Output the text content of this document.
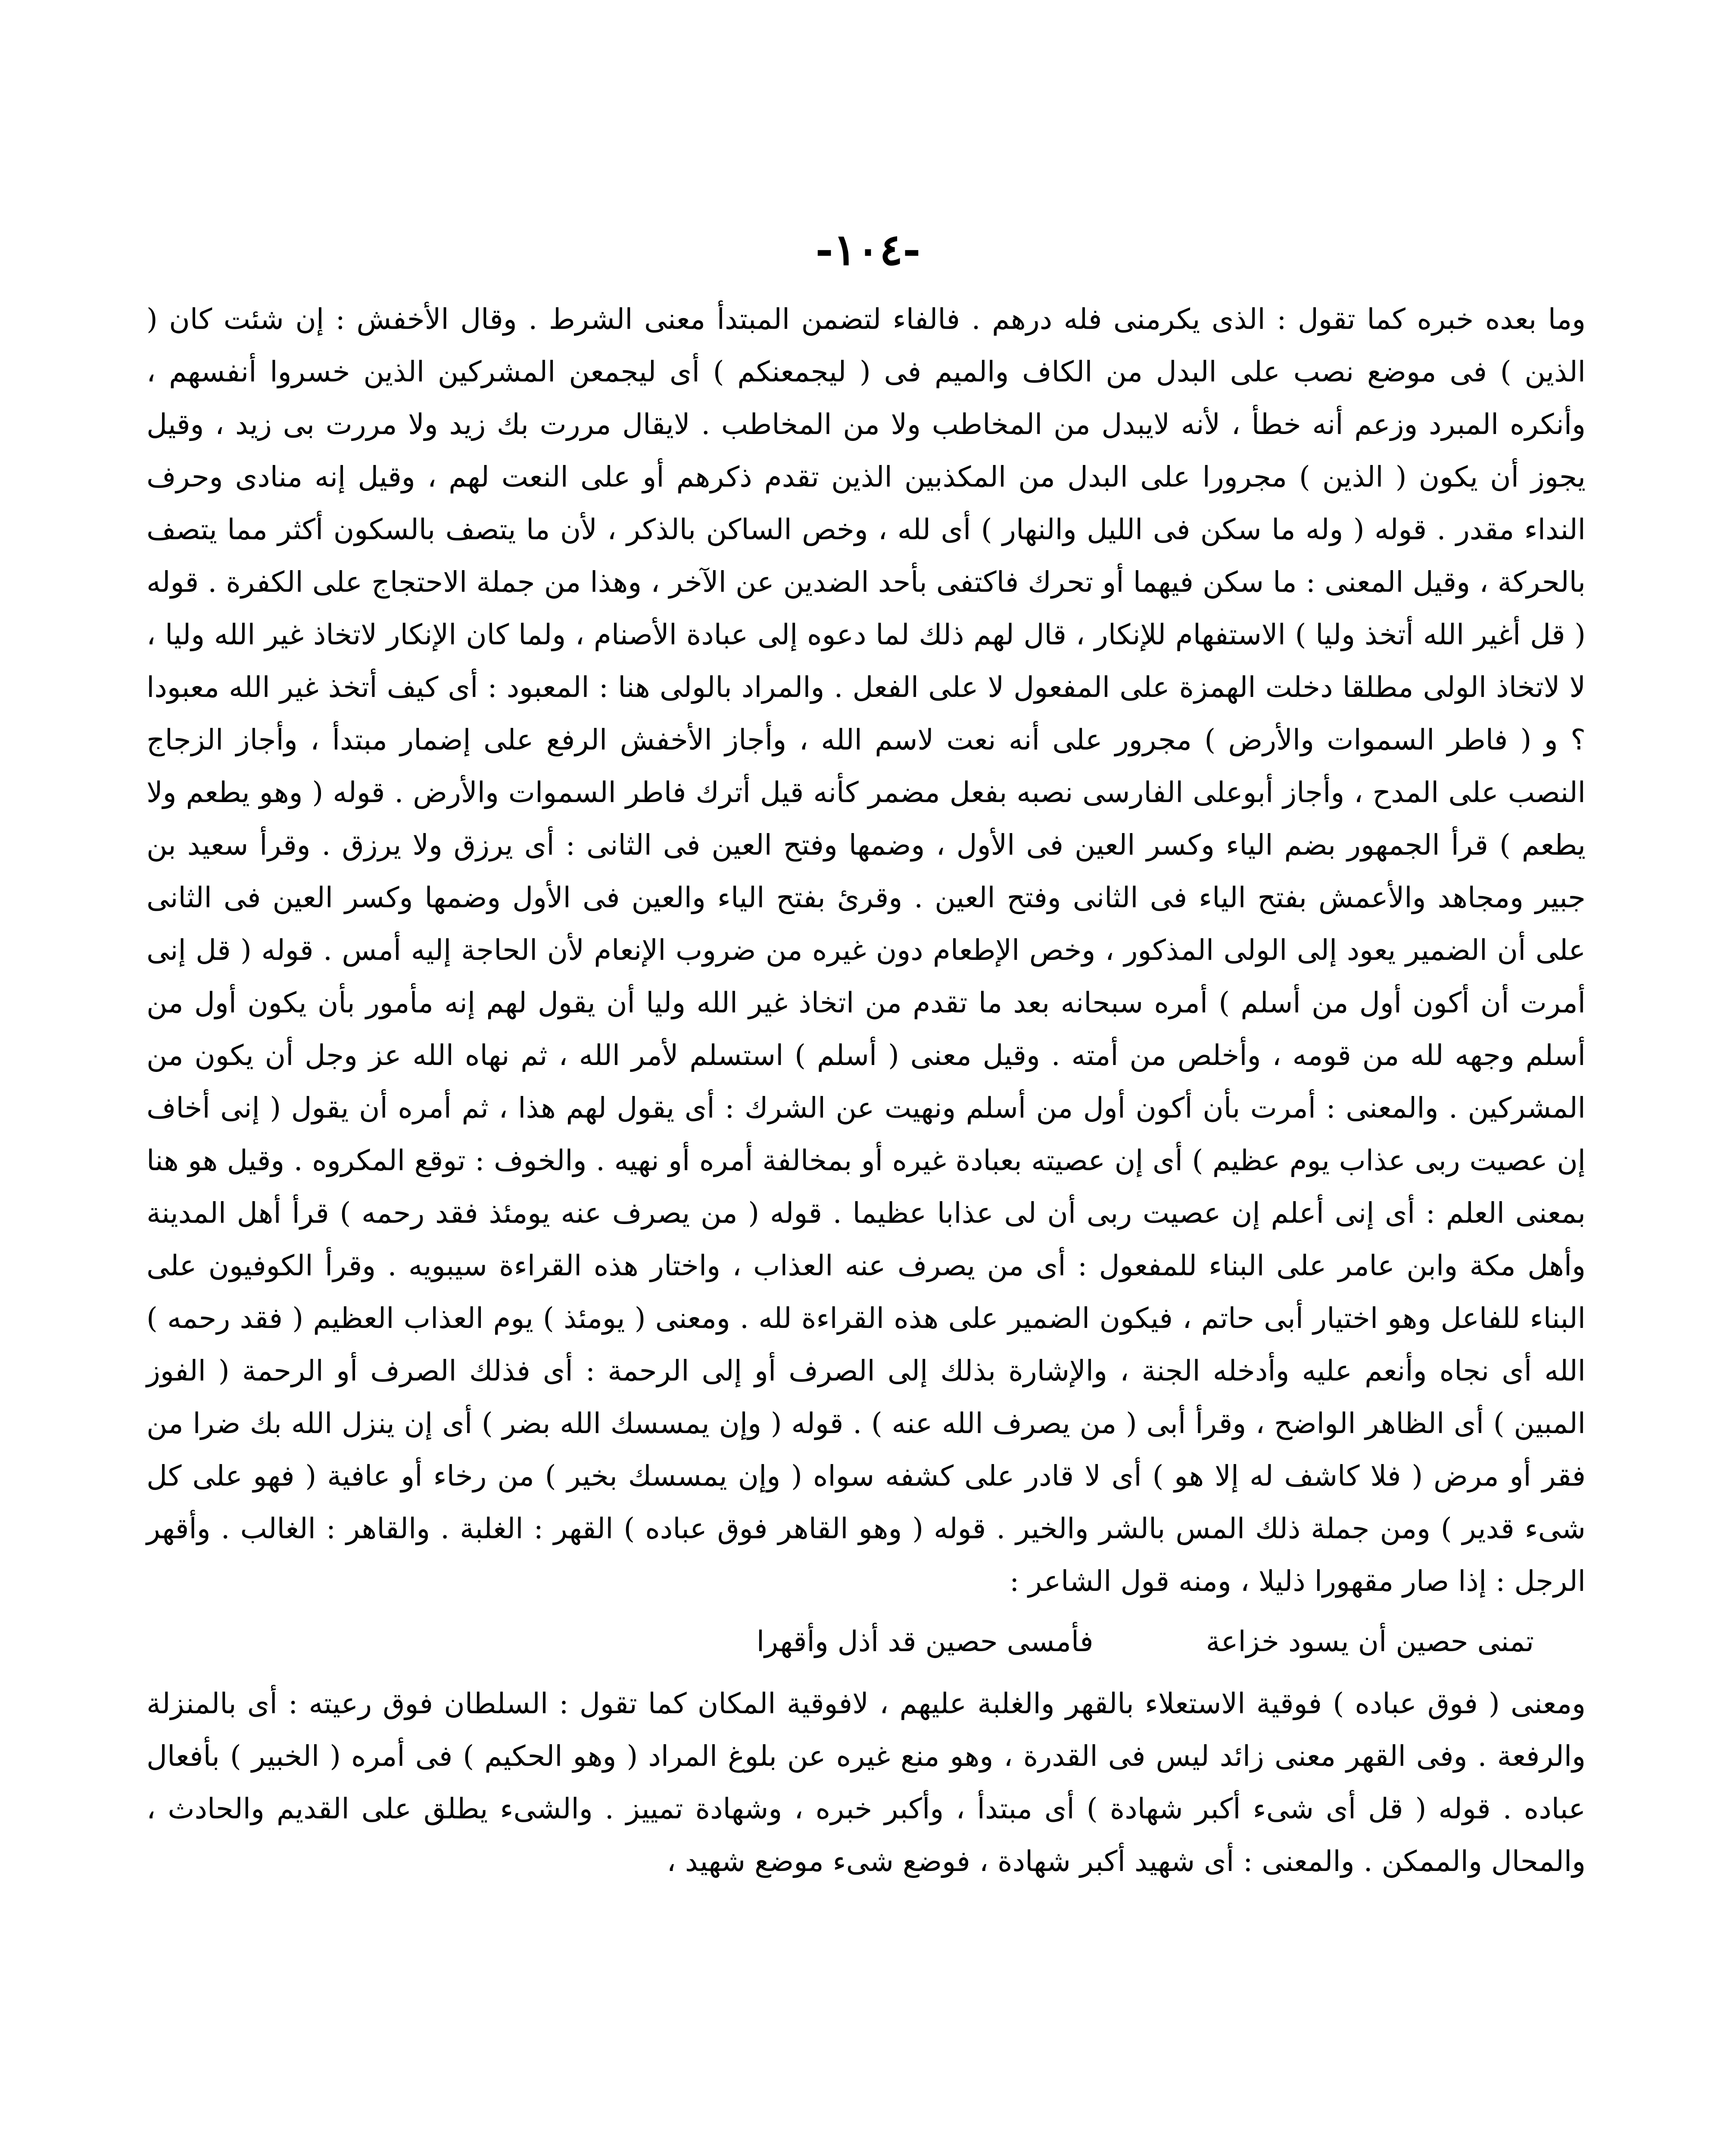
-١٠٤-

وما بعده خبره كما تقول : الذى يكرمنى فله درهم . فالفاء لتضمن المبتدأ معنى الشرط . وقال الأخفش : إن شئت كان ( الذين ) فى موضع نصب على البدل من الكاف والميم فى ( ليجمعنكم ) أى ليجمعن المشركين الذين خسروا أنفسهم ، وأنكره المبرد وزعم أنه خطأ ، لأنه لايبدل من المخاطب ولا من المخاطب . لايقال مررت بك زيد ولا مررت بى زيد ، وقيل يجوز أن يكون ( الذين ) مجرورا على البدل من المكذبين الذين تقدم ذكرهم أو على النعت لهم ، وقيل إنه منادى وحرف النداء مقدر . قوله ( وله ما سكن فى الليل والنهار ) أى لله ، وخص الساكن بالذكر ، لأن ما يتصف بالسكون أكثر مما يتصف بالحركة ، وقيل المعنى : ما سكن فيهما أو تحرك فاكتفى بأحد الضدين عن الآخر ، وهذا من جملة الاحتجاج على الكفرة . قوله ( قل أغير الله أتخذ وليا ) الاستفهام للإنكار ، قال لهم ذلك لما دعوه إلى عبادة الأصنام ، ولما كان الإنكار لاتخاذ غير الله وليا ، لا لاتخاذ الولى مطلقا دخلت الهمزة على المفعول لا على الفعل . والمراد بالولى هنا : المعبود : أى كيف أتخذ غير الله معبودا ؟ و ( فاطر السموات والأرض ) مجرور على أنه نعت لاسم الله ، وأجاز الأخفش الرفع على إضمار مبتدأ ، وأجاز الزجاج النصب على المدح ، وأجاز أبوعلى الفارسى نصبه بفعل مضمر كأنه قيل أترك فاطر السموات والأرض . قوله ( وهو يطعم ولا يطعم ) قرأ الجمهور بضم الياء وكسر العين فى الأول ، وضمها وفتح العين فى الثانى : أى يرزق ولا يرزق . وقرأ سعيد بن جبير ومجاهد والأعمش بفتح الياء فى الثانى وفتح العين . وقرئ بفتح الياء والعين فى الأول وضمها وكسر العين فى الثانى على أن الضمير يعود إلى الولى المذكور ، وخص الإطعام دون غيره من ضروب الإنعام لأن الحاجة إليه أمس . قوله ( قل إنى أمرت أن أكون أول من أسلم ) أمره سبحانه بعد ما تقدم من اتخاذ غير الله وليا أن يقول لهم إنه مأمور بأن يكون أول من أسلم وجهه لله من قومه ، وأخلص من أمته . وقيل معنى ( أسلم ) استسلم لأمر الله ، ثم نهاه الله عز وجل أن يكون من المشركين . والمعنى : أمرت بأن أكون أول من أسلم ونهيت عن الشرك : أى يقول لهم هذا ، ثم أمره أن يقول ( إنى أخاف إن عصيت ربى عذاب يوم عظيم ) أى إن عصيته بعبادة غيره أو بمخالفة أمره أو نهيه . والخوف : توقع المكروه . وقيل هو هنا بمعنى العلم : أى إنى أعلم إن عصيت ربى أن لى عذابا عظيما . قوله ( من يصرف عنه يومئذ فقد رحمه ) قرأ أهل المدينة وأهل مكة وابن عامر على البناء للمفعول : أى من يصرف عنه العذاب ، واختار هذه القراءة سيبويه . وقرأ الكوفيون على البناء للفاعل وهو اختيار أبى حاتم ، فيكون الضمير على هذه القراءة لله . ومعنى ( يومئذ ) يوم العذاب العظيم ( فقد رحمه ) الله أى نجاه وأنعم عليه وأدخله الجنة ، والإشارة بذلك إلى الصرف أو إلى الرحمة : أى فذلك الصرف أو الرحمة ( الفوز المبين ) أى الظاهر الواضح ، وقرأ أبى ( من يصرف الله عنه ) . قوله ( وإن يمسسك الله بضر ) أى إن ينزل الله بك ضرا من فقر أو مرض ( فلا كاشف له إلا هو ) أى لا قادر على كشفه سواه ( وإن يمسسك بخير ) من رخاء أو عافية ( فهو على كل شىء قدير ) ومن جملة ذلك المس بالشر والخير . قوله ( وهو القاهر فوق عباده ) القهر : الغلبة . والقاهر : الغالب . وأقهر الرجل : إذا صار مقهورا ذليلا ، ومنه قول الشاعر :

تمنى حصين أن يسود خزاعة فأمسى حصين قد أذل وأقهرا

ومعنى ( فوق عباده ) فوقية الاستعلاء بالقهر والغلبة عليهم ، لافوقية المكان كما تقول : السلطان فوق رعيته : أى بالمنزلة والرفعة . وفى القهر معنى زائد ليس فى القدرة ، وهو منع غيره عن بلوغ المراد ( وهو الحكيم ) فى أمره ( الخبير ) بأفعال عباده . قوله ( قل أى شىء أكبر شهادة ) أى مبتدأ ، وأكبر خبره ، وشهادة تمييز . والشىء يطلق على القديم والحادث ، والمحال والممكن . والمعنى : أى شهيد أكبر شهادة ، فوضع شىء موضع شهيد ،
